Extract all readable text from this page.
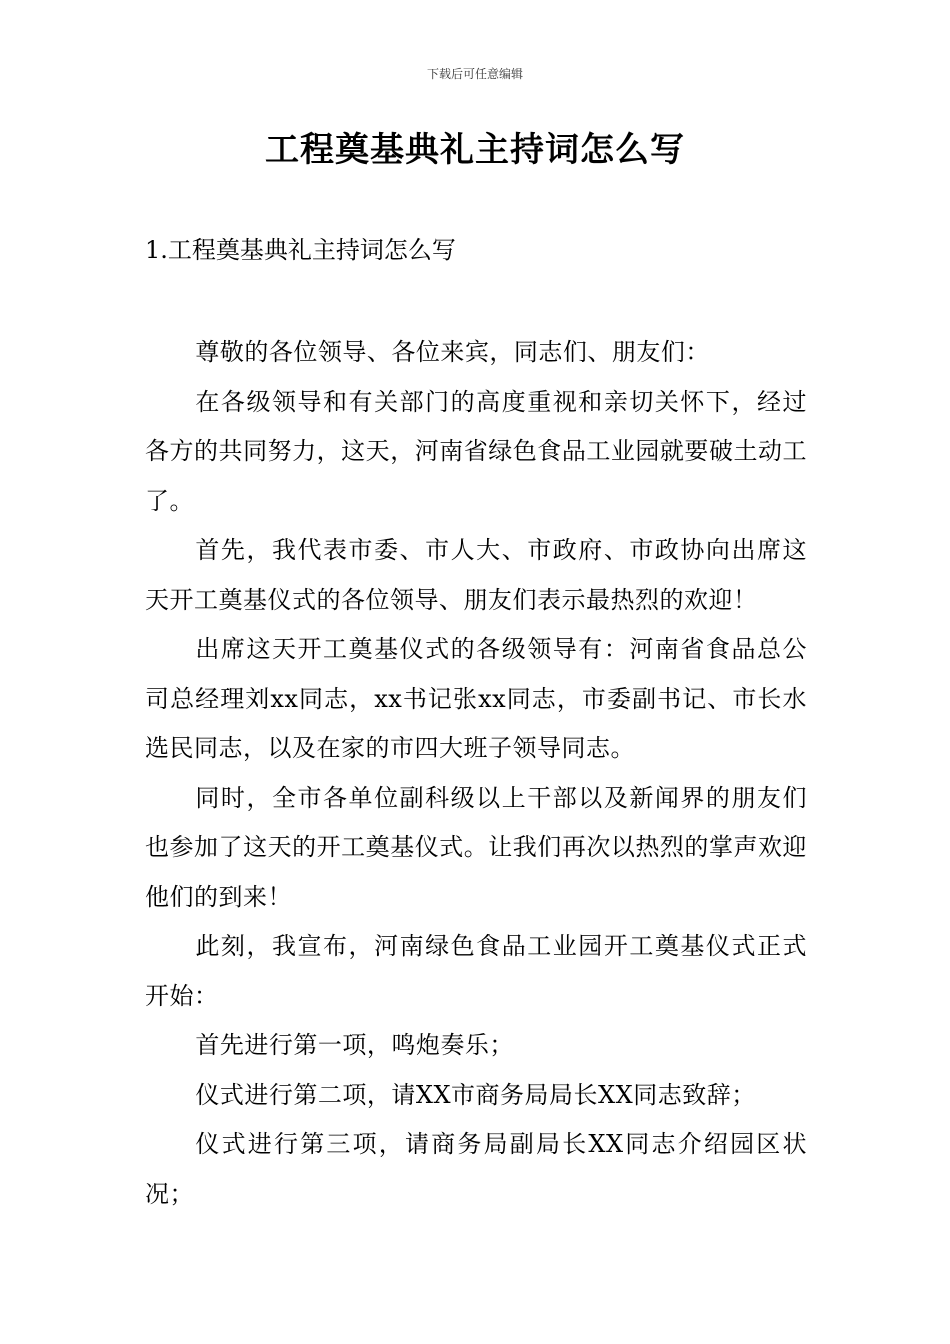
下载后可任意编辑
工程奠基典礼主持词怎么写
1.工程奠基典礼主持词怎么写

尊敬的各位领导、各位来宾，同志们、朋友们：

在各级领导和有关部门的高度重视和亲切关怀下，经过各方的共同努力，这天，河南省绿色食品工业园就要破土动工了。

首先，我代表市委、市人大、市政府、市政协向出席这天开工奠基仪式的各位领导、朋友们表示最热烈的欢迎！

出席这天开工奠基仪式的各级领导有：河南省食品总公司总经理刘xx同志，xx书记张xx同志，市委副书记、市长水选民同志，以及在家的市四大班子领导同志。

同时，全市各单位副科级以上干部以及新闻界的朋友们也参加了这天的开工奠基仪式。让我们再次以热烈的掌声欢迎他们的到来！

此刻，我宣布，河南绿色食品工业园开工奠基仪式正式开始：

首先进行第一项，鸣炮奏乐；

仪式进行第二项，请XX市商务局局长XX同志致辞；

仪式进行第三项，请商务局副局长XX同志介绍园区状况；
